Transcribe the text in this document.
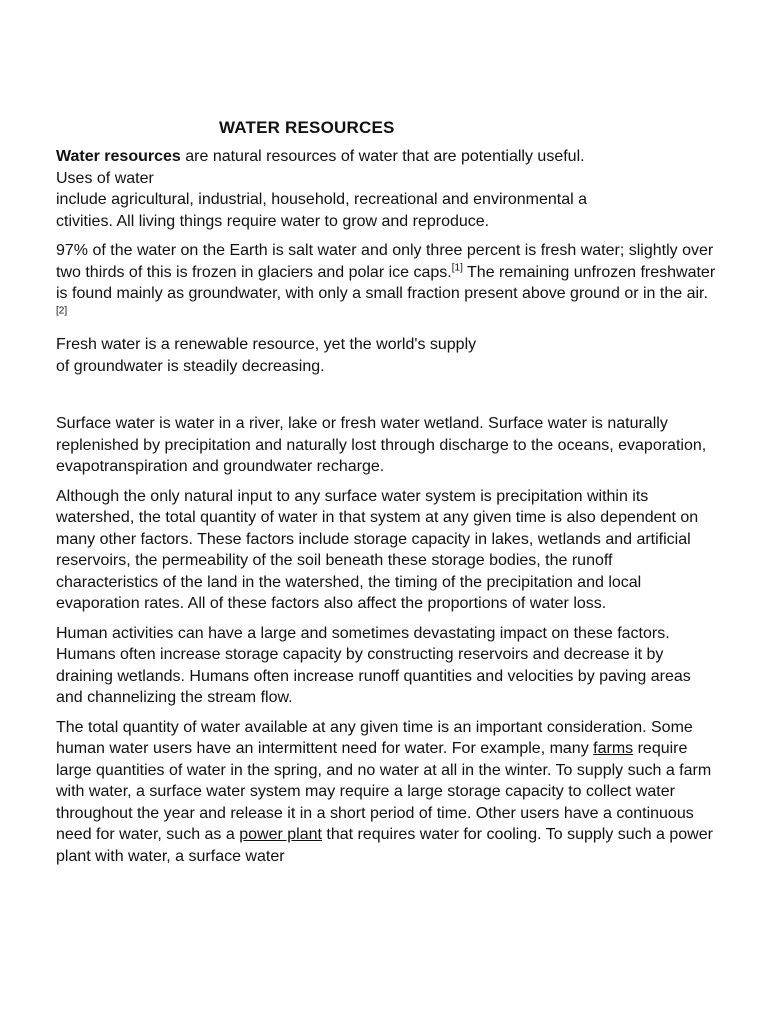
WATER RESOURCES

Water resources are natural resources of water that are potentially useful.
Uses of water
include agricultural, industrial, household, recreational and environmental a
ctivities. All living things require water to grow and reproduce.

97% of the water on the Earth is salt water and only three percent is fresh water; slightly over two thirds of this is frozen in glaciers and polar ice caps.[1] The remaining unfrozen freshwater is found mainly as groundwater, with only a small fraction present above ground or in the air.[2]

Fresh water is a renewable resource, yet the world's supply
of groundwater is steadily decreasing.

Surface water is water in a river, lake or fresh water wetland. Surface water is naturally replenished by precipitation and naturally lost through discharge to the oceans, evaporation, evapotranspiration and groundwater recharge.

Although the only natural input to any surface water system is precipitation within its watershed, the total quantity of water in that system at any given time is also dependent on many other factors. These factors include storage capacity in lakes, wetlands and artificial reservoirs, the permeability of the soil beneath these storage bodies, the runoff characteristics of the land in the watershed, the timing of the precipitation and local evaporation rates. All of these factors also affect the proportions of water loss.

Human activities can have a large and sometimes devastating impact on these factors. Humans often increase storage capacity by constructing reservoirs and decrease it by draining wetlands. Humans often increase runoff quantities and velocities by paving areas and channelizing the stream flow.

The total quantity of water available at any given time is an important consideration. Some human water users have an intermittent need for water. For example, many farms require large quantities of water in the spring, and no water at all in the winter. To supply such a farm with water, a surface water system may require a large storage capacity to collect water throughout the year and release it in a short period of time. Other users have a continuous need for water, such as a power plant that requires water for cooling. To supply such a power plant with water, a surface water
